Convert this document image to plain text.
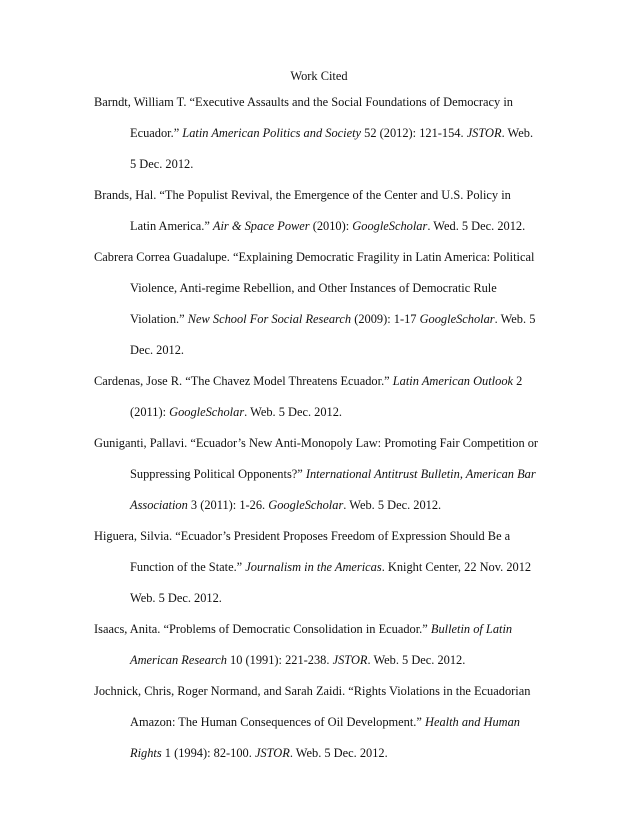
Work Cited
Barndt, William T. “Executive Assaults and the Social Foundations of Democracy in
Ecuador.” Latin American Politics and Society 52 (2012): 121-154. JSTOR. Web.
5 Dec. 2012.
Brands, Hal. “The Populist Revival, the Emergence of the Center and U.S. Policy in
Latin America.” Air & Space Power (2010): GoogleScholar. Wed. 5 Dec. 2012.
Cabrera Correa Guadalupe. “Explaining Democratic Fragility in Latin America: Political
Violence, Anti-regime Rebellion, and Other Instances of Democratic Rule
Violation.” New School For Social Research (2009): 1-17 GoogleScholar. Web. 5
Dec. 2012.
Cardenas, Jose R. “The Chavez Model Threatens Ecuador.” Latin American Outlook 2
(2011): GoogleScholar. Web. 5 Dec. 2012.
Guniganti, Pallavi. “Ecuador’s New Anti-Monopoly Law: Promoting Fair Competition or
Suppressing Political Opponents?” International Antitrust Bulletin, American Bar
Association 3 (2011): 1-26. GoogleScholar. Web. 5 Dec. 2012.
Higuera, Silvia. “Ecuador’s President Proposes Freedom of Expression Should Be a
Function of the State.” Journalism in the Americas. Knight Center, 22 Nov. 2012
Web. 5 Dec. 2012.
Isaacs, Anita. “Problems of Democratic Consolidation in Ecuador.” Bulletin of Latin
American Research 10 (1991): 221-238. JSTOR. Web. 5 Dec. 2012.
Jochnick, Chris, Roger Normand, and Sarah Zaidi. “Rights Violations in the Ecuadorian
Amazon: The Human Consequences of Oil Development.” Health and Human
Rights 1 (1994): 82-100. JSTOR. Web. 5 Dec. 2012.
